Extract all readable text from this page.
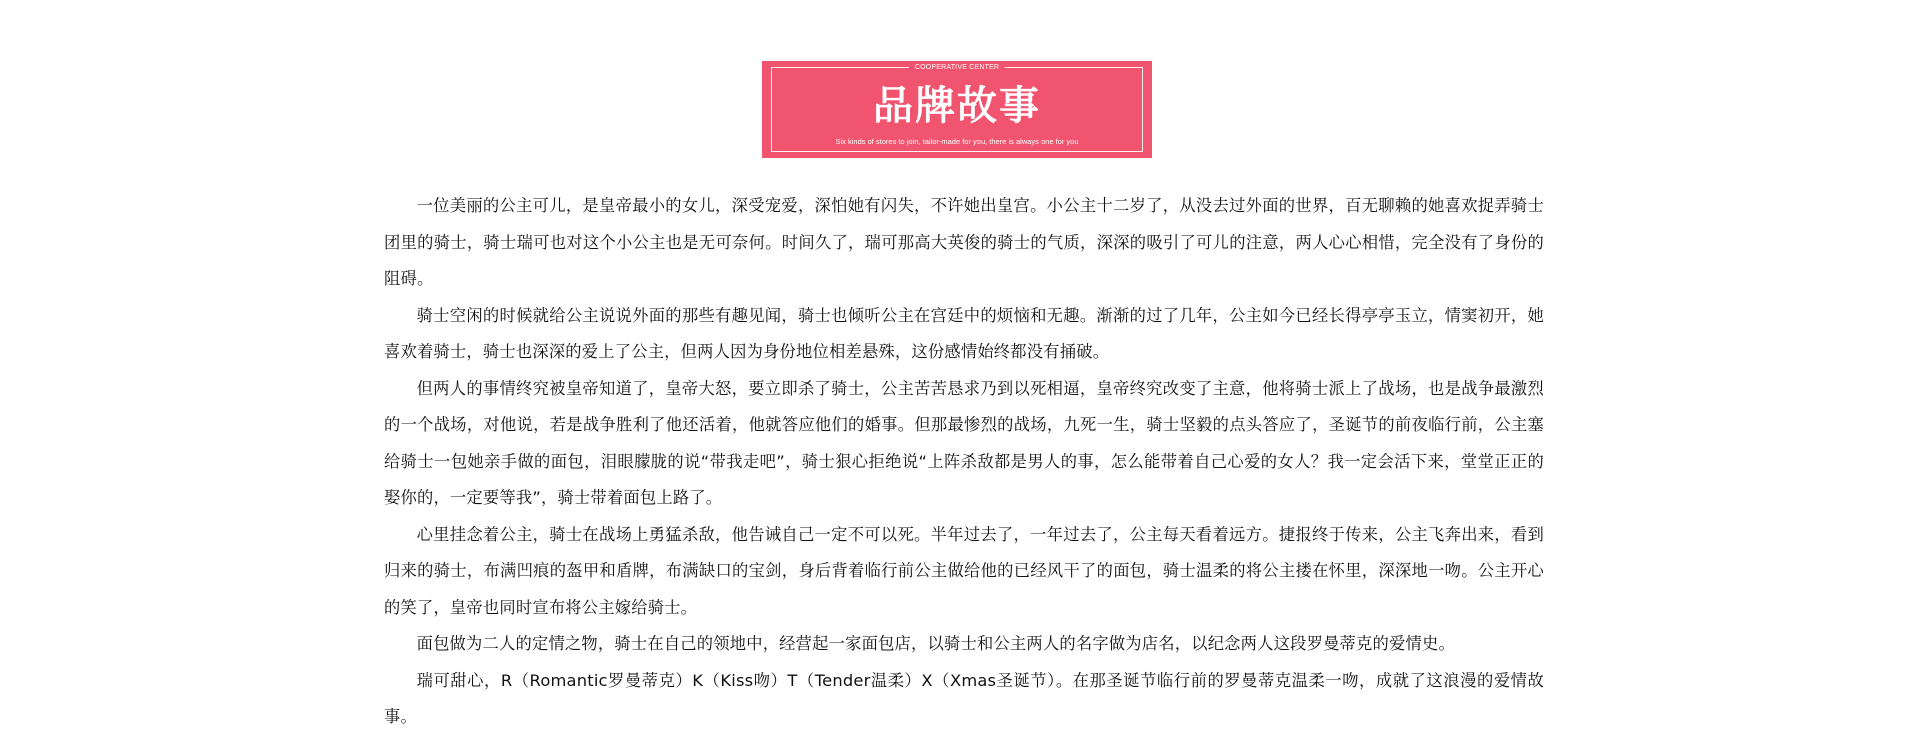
COOPERATIVE CENTER
品牌故事
Six kinds of stores to join, tailor-made for you, there is always one for you

一位美丽的公主可儿，是皇帝最小的女儿，深受宠爱，深怕她有闪失，不许她出皇宫。小公主十二岁了，从没去过外面的世界，百无聊赖的她喜欢捉弄骑士团里的骑士，骑士瑞可也对这个小公主也是无可奈何。时间久了，瑞可那高大英俊的骑士的气质，深深的吸引了可儿的注意，两人心心相惜，完全没有了身份的阻碍。

骑士空闲的时候就给公主说说外面的那些有趣见闻，骑士也倾听公主在宫廷中的烦恼和无趣。渐渐的过了几年，公主如今已经长得亭亭玉立，情窦初开，她喜欢着骑士，骑士也深深的爱上了公主，但两人因为身份地位相差悬殊，这份感情始终都没有捅破。

但两人的事情终究被皇帝知道了，皇帝大怒，要立即杀了骑士，公主苦苦恳求乃到以死相逼，皇帝终究改变了主意，他将骑士派上了战场，也是战争最激烈的一个战场，对他说，若是战争胜利了他还活着，他就答应他们的婚事。但那最惨烈的战场，九死一生，骑士坚毅的点头答应了，圣诞节的前夜临行前，公主塞给骑士一包她亲手做的面包，泪眼朦胧的说“带我走吧”，骑士狠心拒绝说“上阵杀敌都是男人的事，怎么能带着自己心爱的女人？我一定会活下来，堂堂正正的娶你的，一定要等我”，骑士带着面包上路了。

心里挂念着公主，骑士在战场上勇猛杀敌，他告诫自己一定不可以死。半年过去了，一年过去了，公主每天看着远方。捷报终于传来，公主飞奔出来，看到归来的骑士，布满凹痕的盔甲和盾牌，布满缺口的宝剑，身后背着临行前公主做给他的已经风干了的面包，骑士温柔的将公主搂在怀里，深深地一吻。公主开心的笑了，皇帝也同时宣布将公主嫁给骑士。

面包做为二人的定情之物，骑士在自己的领地中，经营起一家面包店，以骑士和公主两人的名字做为店名，以纪念两人这段罗曼蒂克的爱情史。

瑞可甜心，R（Romantic罗曼蒂克）K（Kiss吻）T（Tender温柔）X（Xmas圣诞节）。在那圣诞节临行前的罗曼蒂克温柔一吻，成就了这浪漫的爱情故事。
